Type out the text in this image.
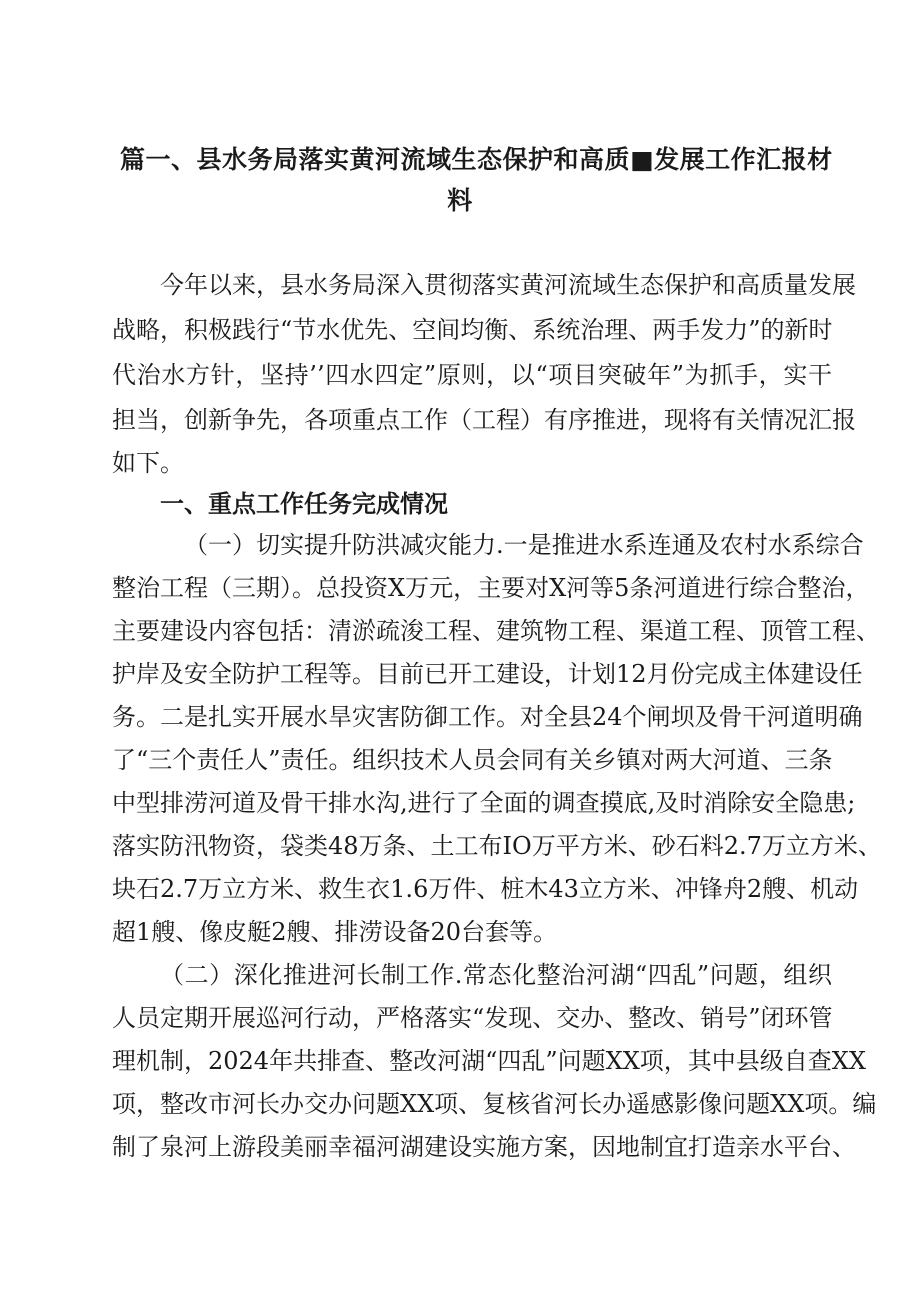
篇一、县水务局落实黄河流域生态保护和高质■发展工作汇报材
料
今年以来，县水务局深入贯彻落实黄河流域生态保护和高质量发展
战略，积极践行“节水优先、空间均衡、系统治理、两手发力”的新时
代治水方针，坚持’’四水四定”原则，以“项目突破年”为抓手，实干
担当，创新争先，各项重点工作（工程）有序推进，现将有关情况汇报
如下。
一、重点工作任务完成情况
（一）切实提升防洪减灾能力.一是推进水系连通及农村水系综合
整治工程（三期）。总投资X万元，主要对X河等5条河道进行综合整治，
主要建设内容包括：清淤疏浚工程、建筑物工程、渠道工程、顶管工程、
护岸及安全防护工程等。目前已开工建设，计划12月份完成主体建设任
务。二是扎实开展水旱灾害防御工作。对全县24个闸坝及骨干河道明确
了“三个责任人”责任。组织技术人员会同有关乡镇对两大河道、三条
中型排涝河道及骨干排水沟,进行了全面的调查摸底,及时消除安全隐患;
落实防汛物资，袋类48万条、土工布IO万平方米、砂石料2.7万立方米、
块石2.7万立方米、救生衣1.6万件、桩木43立方米、冲锋舟2艘、机动
超1艘、像皮艇2艘、排涝设备20台套等。
（二）深化推进河长制工作.常态化整治河湖“四乱”问题，组织
人员定期开展巡河行动，严格落实“发现、交办、整改、销号”闭环管
理机制，2024年共排查、整改河湖“四乱”问题XX项，其中县级自查XX
项，整改市河长办交办问题XX项、复核省河长办遥感影像问题XX项。编
制了泉河上游段美丽幸福河湖建设实施方案，因地制宜打造亲水平台、
